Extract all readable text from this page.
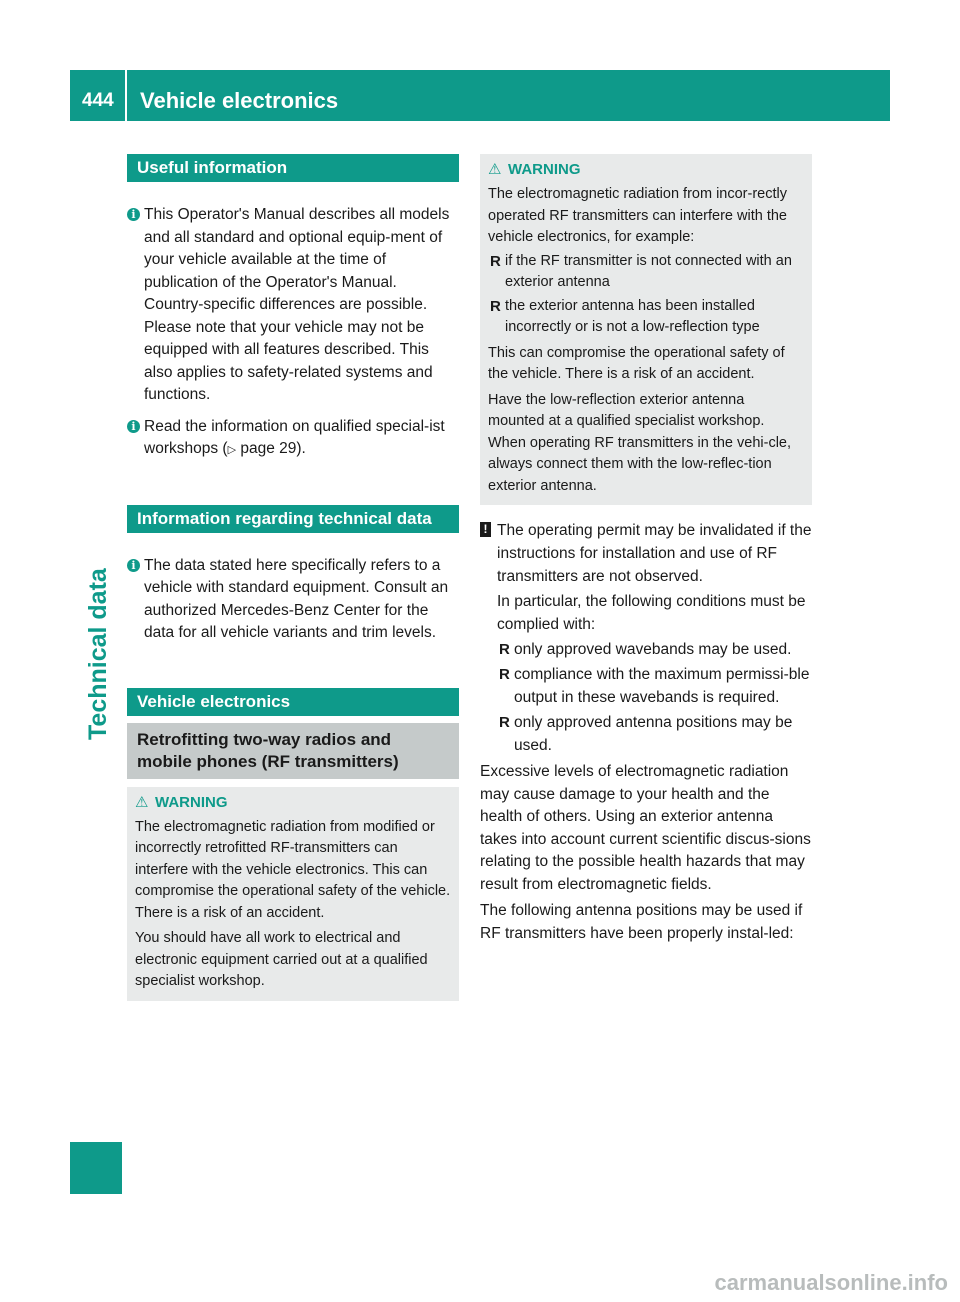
444 Vehicle electronics
Technical data
Useful information
i This Operator's Manual describes all models and all standard and optional equip-ment of your vehicle available at the time of publication of the Operator's Manual. Country-specific differences are possible. Please note that your vehicle may not be equipped with all features described. This also applies to safety-related systems and functions.
i Read the information on qualified special-ist workshops (▷ page 29).
Information regarding technical data
i The data stated here specifically refers to a vehicle with standard equipment. Consult an authorized Mercedes-Benz Center for the data for all vehicle variants and trim levels.
Vehicle electronics
Retrofitting two-way radios and mobile phones (RF transmitters)
⚠ WARNING

The electromagnetic radiation from modified or incorrectly retrofitted RF-transmitters can interfere with the vehicle electronics. This can compromise the operational safety of the vehicle. There is a risk of an accident.

You should have all work to electrical and electronic equipment carried out at a qualified specialist workshop.

⚠ WARNING

The electromagnetic radiation from incor-rectly operated RF transmitters can interfere with the vehicle electronics, for example:

R if the RF transmitter is not connected with an exterior antenna
R the exterior antenna has been installed incorrectly or is not a low-reflection type

This can compromise the operational safety of the vehicle. There is a risk of an accident.

Have the low-reflection exterior antenna mounted at a qualified specialist workshop. When operating RF transmitters in the vehi-cle, always connect them with the low-reflec-tion exterior antenna.

! The operating permit may be invalidated if the instructions for installation and use of RF transmitters are not observed.

In particular, the following conditions must be complied with:

R only approved wavebands may be used.
R compliance with the maximum permissi-ble output in these wavebands is required.
R only approved antenna positions may be used.
Excessive levels of electromagnetic radiation may cause damage to your health and the health of others. Using an exterior antenna takes into account current scientific discus-sions relating to the possible health hazards that may result from electromagnetic fields.
The following antenna positions may be used if RF transmitters have been properly instal-led:
carmanualsonline.info
